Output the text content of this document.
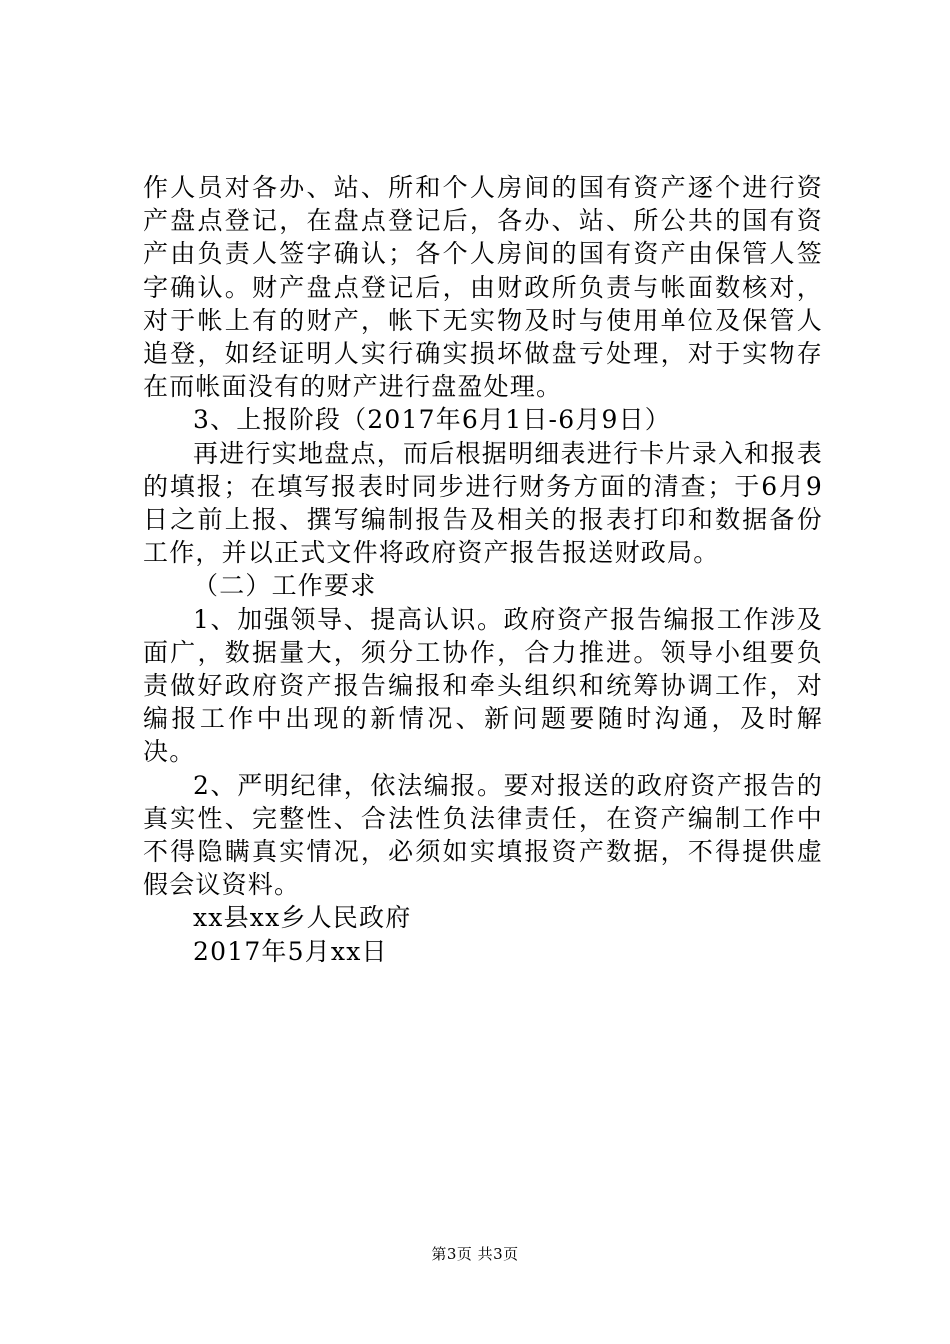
作人员对各办、站、所和个人房间的国有资产逐个进行资产盘点登记，在盘点登记后，各办、站、所公共的国有资产由负责人签字确认；各个人房间的国有资产由保管人签字确认。财产盘点登记后，由财政所负责与帐面数核对，对于帐上有的财产，帐下无实物及时与使用单位及保管人追登，如经证明人实行确实损坏做盘亏处理，对于实物存在而帐面没有的财产进行盘盈处理。

3、上报阶段（2017年6月1日-6月9日）

再进行实地盘点，而后根据明细表进行卡片录入和报表的填报；在填写报表时同步进行财务方面的清查；于6月9日之前上报、撰写编制报告及相关的报表打印和数据备份工作，并以正式文件将政府资产报告报送财政局。

（二）工作要求

1、加强领导、提高认识。政府资产报告编报工作涉及面广，数据量大，须分工协作，合力推进。领导小组要负责做好政府资产报告编报和牵头组织和统筹协调工作，对编报工作中出现的新情况、新问题要随时沟通，及时解决。

2、严明纪律，依法编报。要对报送的政府资产报告的真实性、完整性、合法性负法律责任，在资产编制工作中不得隐瞒真实情况，必须如实填报资产数据，不得提供虚假会议资料。

xx县xx乡人民政府

2017年5月xx日

第3页 共3页
